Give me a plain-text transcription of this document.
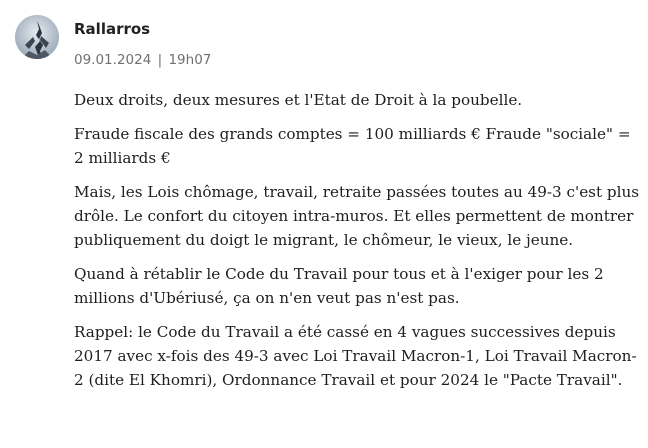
Rallarros
09.01.2024 | 19h07

Deux droits, deux mesures et l'Etat de Droit à la poubelle.

Fraude fiscale des grands comptes = 100 milliards € Fraude "sociale" = 2 milliards €

Mais, les Lois chômage, travail, retraite passées toutes au 49-3 c'est plus drôle. Le confort du citoyen intra-muros. Et elles permettent de montrer publiquement du doigt le migrant, le chômeur, le vieux, le jeune.

Quand à rétablir le Code du Travail pour tous et à l'exiger pour les 2 millions d'Ubériusé, ça on n'en veut pas n'est pas.

Rappel: le Code du Travail a été cassé en 4 vagues successives depuis 2017 avec x-fois des 49-3 avec Loi Travail Macron-1, Loi Travail Macron-2 (dite El Khomri), Ordonnance Travail et pour 2024 le "Pacte Travail".
